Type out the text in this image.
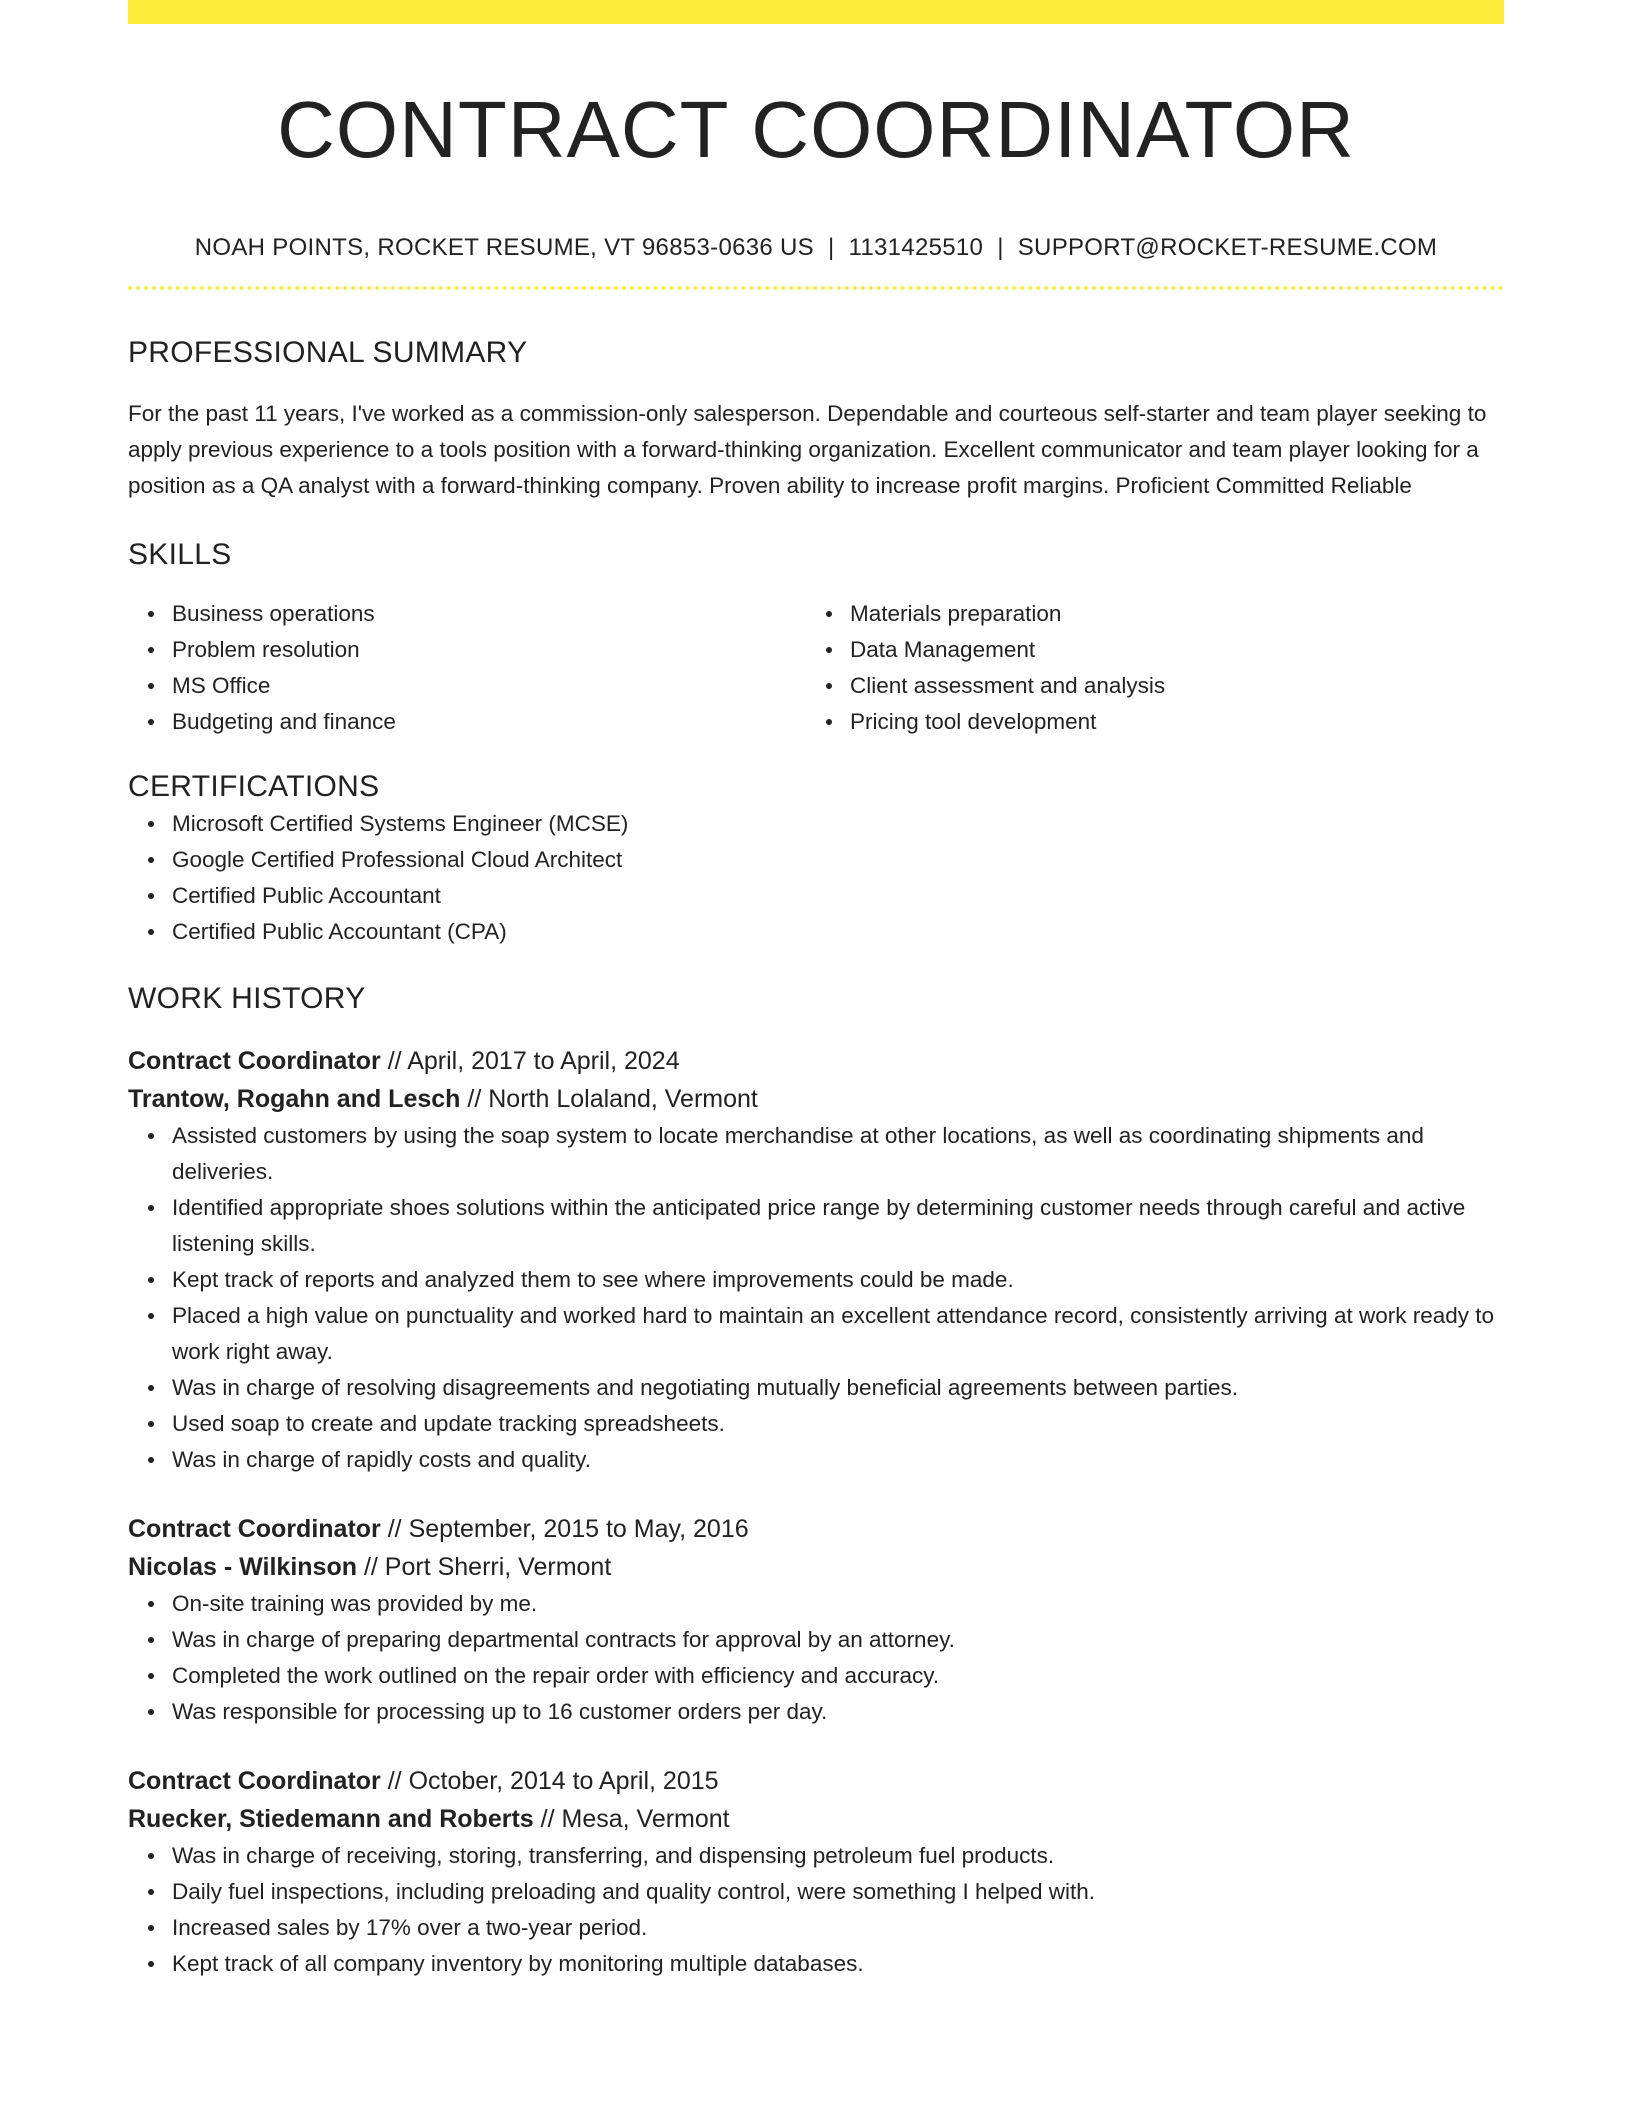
CONTRACT COORDINATOR
NOAH POINTS, ROCKET RESUME, VT 96853-0636 US | 1131425510 | SUPPORT@ROCKET-RESUME.COM
PROFESSIONAL SUMMARY

For the past 11 years, I've worked as a commission-only salesperson. Dependable and courteous self-starter and team player seeking to apply previous experience to a tools position with a forward-thinking organization. Excellent communicator and team player looking for a position as a QA analyst with a forward-thinking company. Proven ability to increase profit margins. Proficient Committed Reliable

SKILLS
Business operations
Problem resolution
MS Office
Budgeting and finance
Materials preparation
Data Management
Client assessment and analysis
Pricing tool development
CERTIFICATIONS
Microsoft Certified Systems Engineer (MCSE)
Google Certified Professional Cloud Architect
Certified Public Accountant
Certified Public Accountant (CPA)
WORK HISTORY
Contract Coordinator // April, 2017 to April, 2024
Trantow, Rogahn and Lesch // North Lolaland, Vermont
Assisted customers by using the soap system to locate merchandise at other locations, as well as coordinating shipments and deliveries.
Identified appropriate shoes solutions within the anticipated price range by determining customer needs through careful and active listening skills.
Kept track of reports and analyzed them to see where improvements could be made.
Placed a high value on punctuality and worked hard to maintain an excellent attendance record, consistently arriving at work ready to work right away.
Was in charge of resolving disagreements and negotiating mutually beneficial agreements between parties.
Used soap to create and update tracking spreadsheets.
Was in charge of rapidly costs and quality.
Contract Coordinator // September, 2015 to May, 2016
Nicolas - Wilkinson // Port Sherri, Vermont
On-site training was provided by me.
Was in charge of preparing departmental contracts for approval by an attorney.
Completed the work outlined on the repair order with efficiency and accuracy.
Was responsible for processing up to 16 customer orders per day.
Contract Coordinator // October, 2014 to April, 2015
Ruecker, Stiedemann and Roberts // Mesa, Vermont
Was in charge of receiving, storing, transferring, and dispensing petroleum fuel products.
Daily fuel inspections, including preloading and quality control, were something I helped with.
Increased sales by 17% over a two-year period.
Kept track of all company inventory by monitoring multiple databases.
